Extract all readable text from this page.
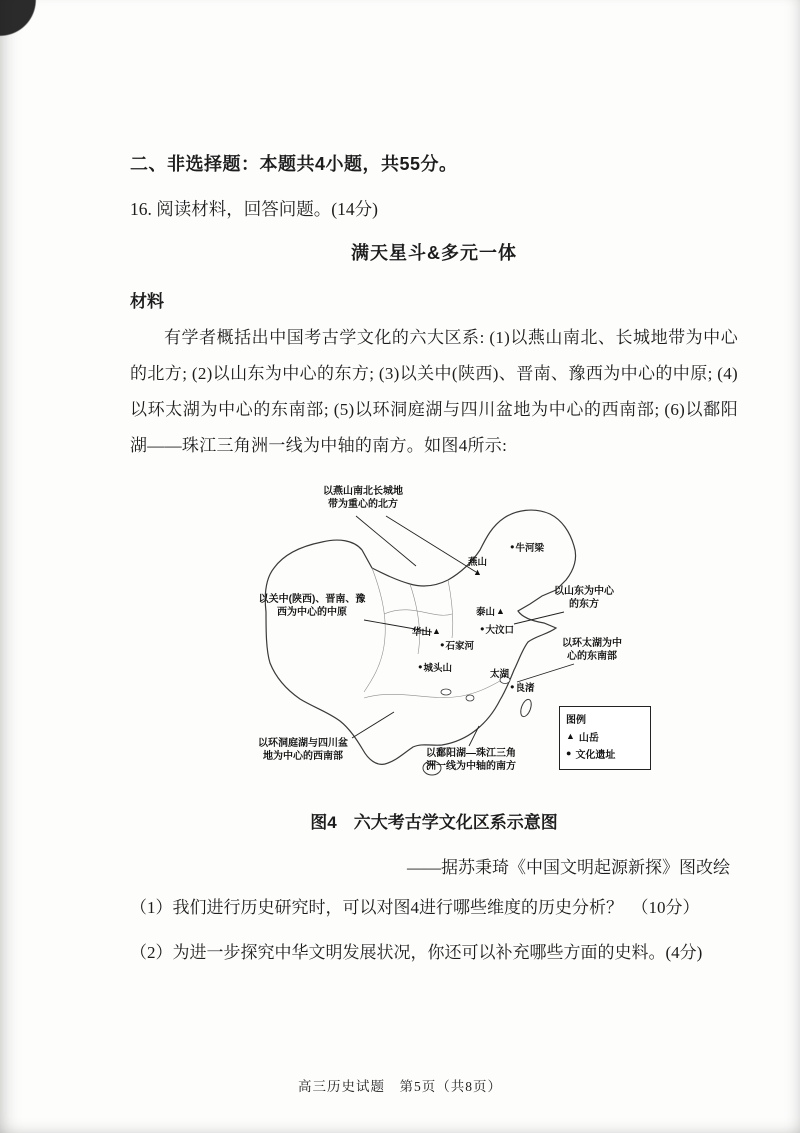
二、非选择题：本题共4小题，共55分。
16. 阅读材料，回答问题。(14分)
满天星斗&多元一体
材料

有学者概括出中国考古学文化的六大区系: (1)以燕山南北、长城地带为中心的北方; (2)以山东为中心的东方; (3)以关中(陕西)、晋南、豫西为中心的中原; (4)以环太湖为中心的东南部; (5)以环洞庭湖与四川盆地为中心的西南部; (6)以鄱阳湖——珠江三角洲一线为中轴的南方。如图4所示:

以燕山南北长城地带为重心的北方
以关中(陕西)、晋南、豫西为中心的中原
以山东为中心的东方
以环太湖为中心的东南部
以环洞庭湖与四川盆地为中心的西南部	以鄱阳湖—珠江三角洲一线为中轴的南方
● 牛河梁
燕山
▲
泰山 ▲
● 大汶口
华山 ▲
● 石家河
● 城头山
太湖
● 良渚
图例
▲ 山岳
● 文化遗址
图4　六大考古学文化区系示意图
——据苏秉琦《中国文明起源新探》图改绘

（1）我们进行历史研究时，可以对图4进行哪些维度的历史分析？　（10分）

（2）为进一步探究中华文明发展状况，你还可以补充哪些方面的史料。(4分)

高三历史试题　第5页（共8页）
